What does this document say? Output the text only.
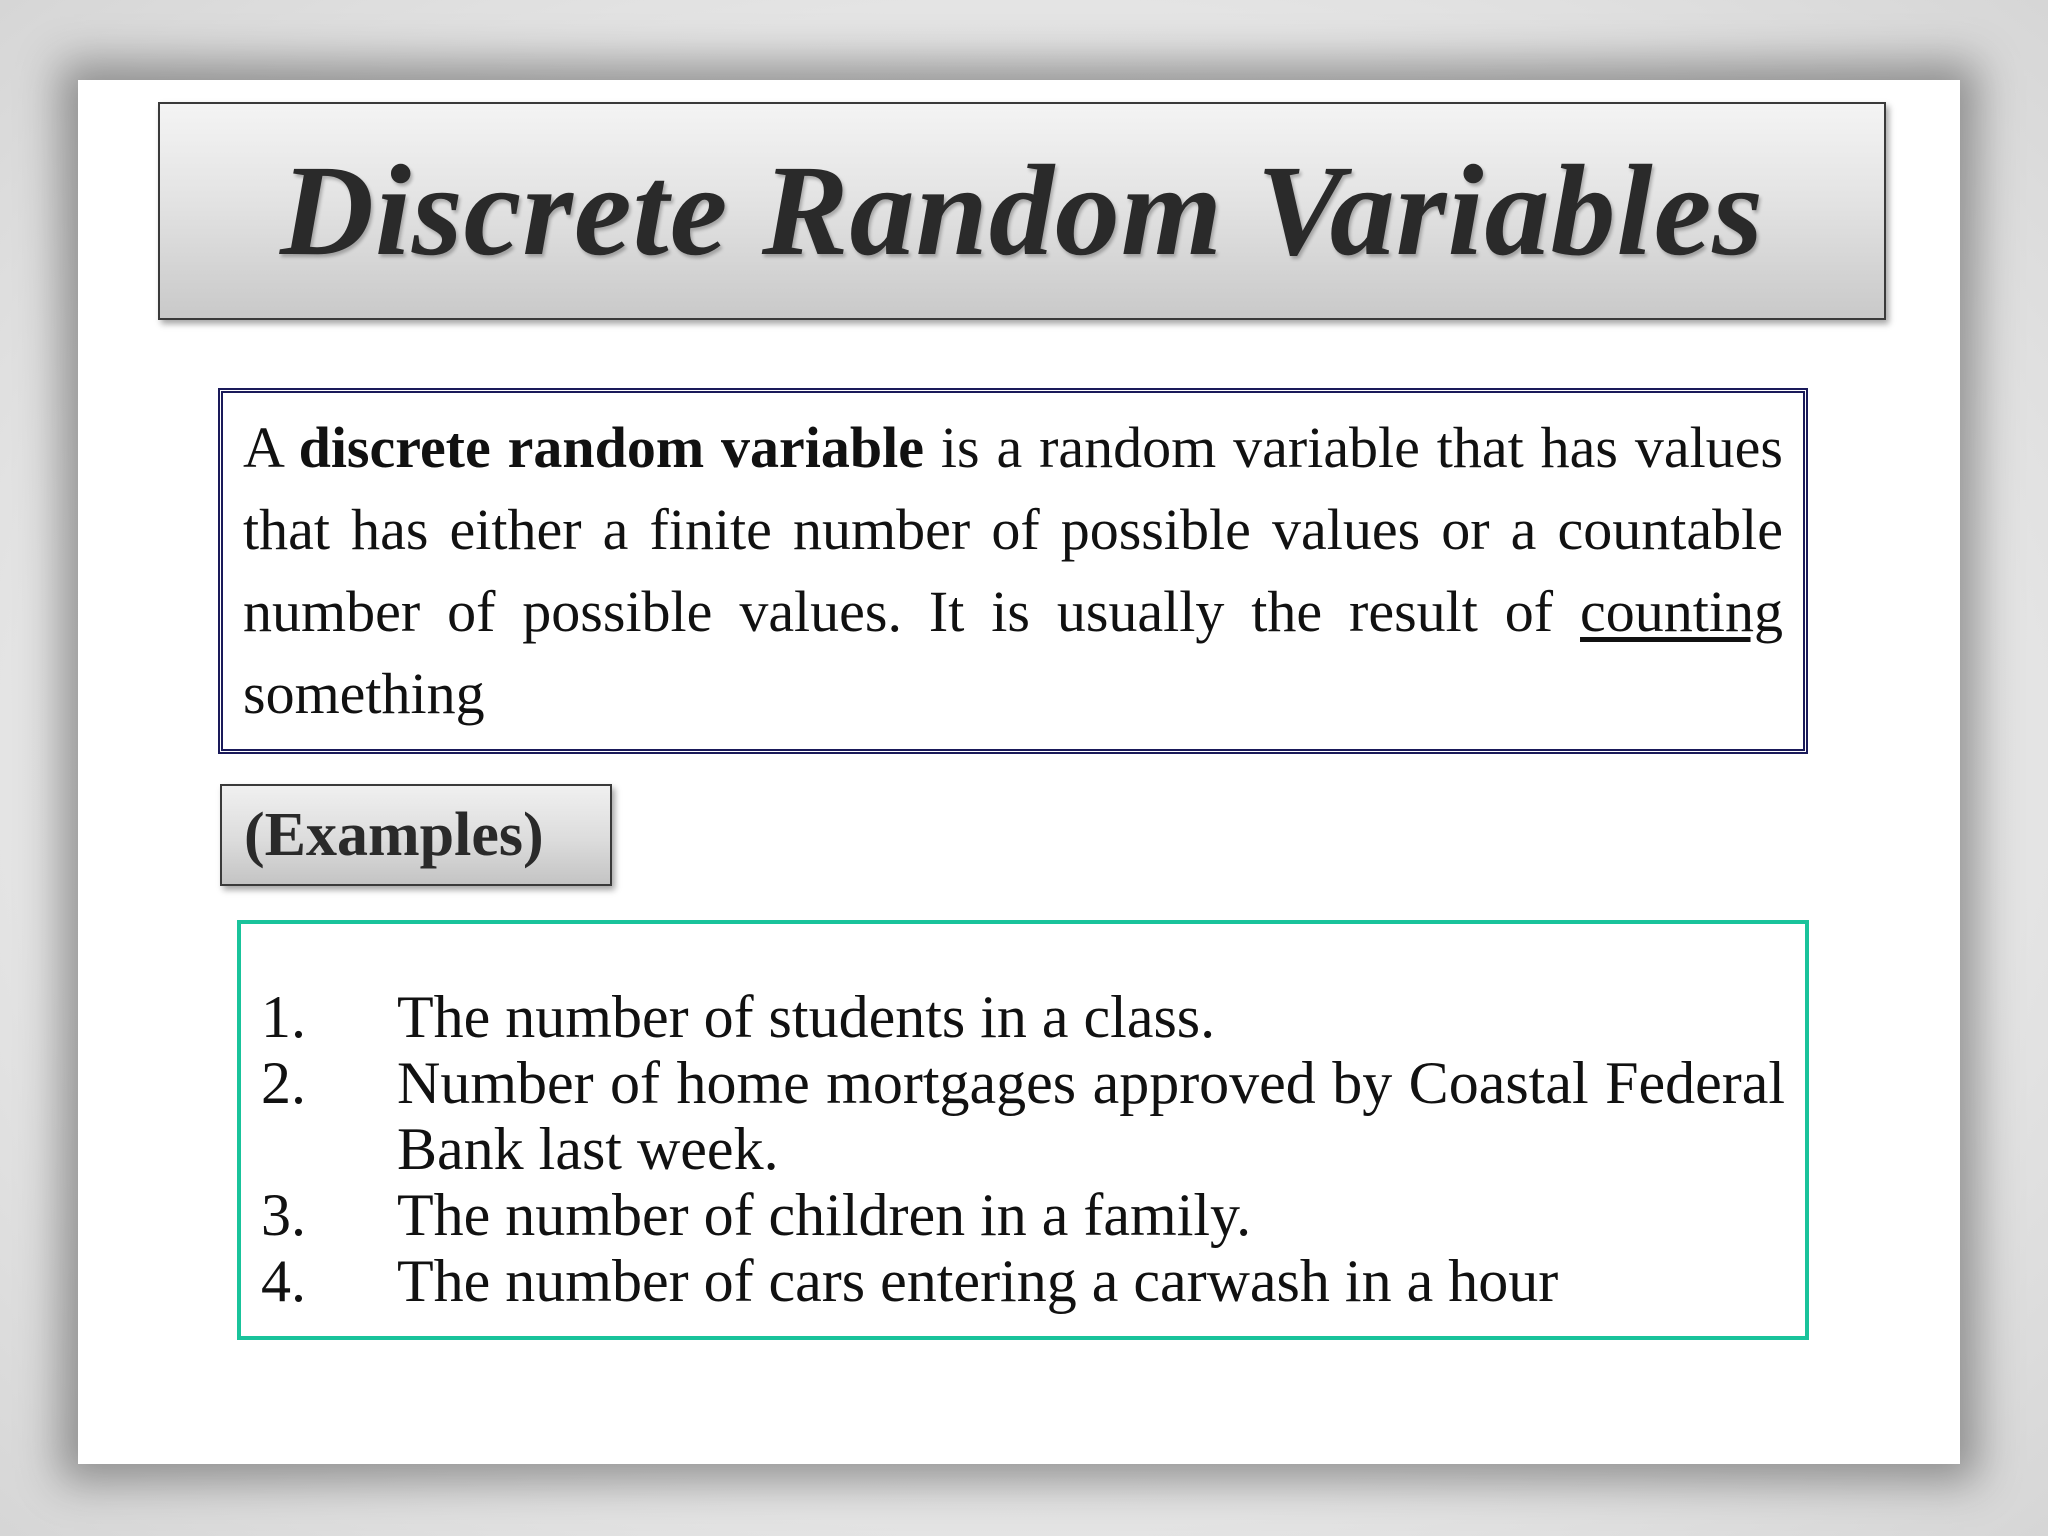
Discrete Random Variables

A discrete random variable is a random variable that has values that has either a finite number of possible values or a countable number of possible values. It is usually the result of counting something

(Examples)
1.	The number of students in a class.
2.	Number of home mortgages approved by Coastal Federal Bank last week.
3.	The number of children in a family.
4.	The number of cars entering a carwash in a hour
